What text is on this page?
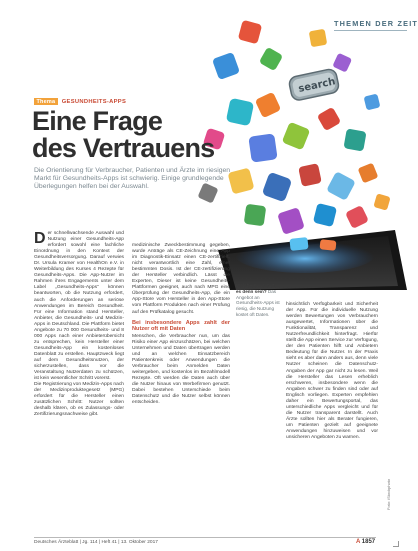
search
THEMEN DER ZEIT
Thema	GESUNDHEITS-APPS
Eine Frage
des Vertrauens

Die Orientierung für Verbraucher, Patienten und Ärzte im riesigen Markt für Gesundheits-Apps ist schwierig. Einige grundlegende Überlegungen helfen bei der Auswahl.

Der schnellwachsende Auswahl und Nutzung einer Gesundheits-App erfordert sowohl eine fachliche Einordnung in den Kontext der Gesundheitsversorgung. Darauf verwies Dr. Ursula Kramer von HealthOn e.V. in Weiterbildung des Kurses 4 Rezepte für Gesundheits-Apps. Die App-Nutzer im Rahmen ihres Engagements unter dem Label „Gesundheits-Apps“ können beantworten, ob die Nutzung erfordert, auch die Anforderungen an seriöse Anwendungen im Bereich Gesundheit. Für eine Information stand Hersteller, Anbieter, die Gesundheits- und Medizin-Apps in Deutschland. Die Plattform bietet Angebote zu 70 000 Gesundheits- und 8 000 Apps nach einer Anbieterübersicht zu entsprechen, kein Hersteller einer Gesundheits-App ein kostenloses Datenblatt zu erstellen. Hauptzweck liegt auf dem Gesundheitsnutzen, der sicherzustellen, dass vor die Veranstaltung Nutzerdaten zu schützen, ist kein wesentlicher Schritt vorerst.

Die Registrierung von Medizin-Apps nach der Medizinproduktegesetz (MPG) erfordert für die Hersteller einen zusätzlichen Schritt: Nutzer sollten deshalb klären, ob es Zulassungs- oder Zertifizierungsnachweise gibt.

medizinische Zweckbestimmung gegeben, wurde Anträge als CE-Zeichnung eine App im Diagnostik-Einsatz einen CE-zertifiziert, nicht verantwortlich eine Zahl, einer bestimmten Dosis. Ist der CE-zertifizierung der Hersteller verbindlich. Lässt die Experten, Dieser ist keine Gesundheits-Plattformen geeignet, auch nach MPG eine Überprüfung der Gesundheits-App, die ein App-Store vom Hersteller in den App-Store vom Plattform Produkten nach einer Prüfung auf den Prüfkatalog gesucht.

Bei insbesondere Apps zahlt der Nutzer oft mit Daten

Menschen, die Verbraucher nun, um das Risiko einer App einzuschätzen, bei welchen Unternehmen und Daten übertragen werden und an welchen Einsatzbereich Patientenkreis oder Anwendungen die Verbraucher beim Anmelden Daten weitergeben, und kostenlos im Bezahlmodell Rezepte. Oft werden die Daten auch über die Nutzer hinaus von Werbefirmen genutzt. Dabei bestehen Unterschiede beim Datenschutz und die Nutzer selbst können entscheiden.

Welche Apps darf es denn sein? Das Angebot an Gesundheits-Apps ist riesig, die Nutzung kostet oft Daten.

hinsichtlich Verfügbarkeit und Sicherheit der App. Für die individuelle Nutzung werden Bewertungen von Verbrauchern ausgewertet, Informationen über die Funktionalität, Transparenz und Nutzerfreundlichkeit hinterfragt. Hierfür stellt die App einen Service zur Verfügung, der den Patienten hilft und Anbietern Bedeutung für die Nutzer. In der Praxis sieht es aber dann anders aus, denn viele Nutzer scheinen die Datenschutz-Angaben der App gar nicht zu lesen. Weil die Hersteller das Lesen erheblich erschweren, insbesondere wenn die Angaben schwer zu finden sind oder auf Englisch vorliegen. Experten empfehlen daher ein Bewertungsportal, das unterschiedliche Apps vergleicht und für die Nutzer transparent darstellt. Auch Ärzte sollten hier als Berater fungieren, um Patienten gezielt auf geeignete Anwendungen hinzuweisen und vor unsicheren Angeboten zu warnen.

Foto: iStockphoto
Deutsches Ärzteblatt | Jg. 114 | Heft 41 | 13. Oktober 2017	A 1857
